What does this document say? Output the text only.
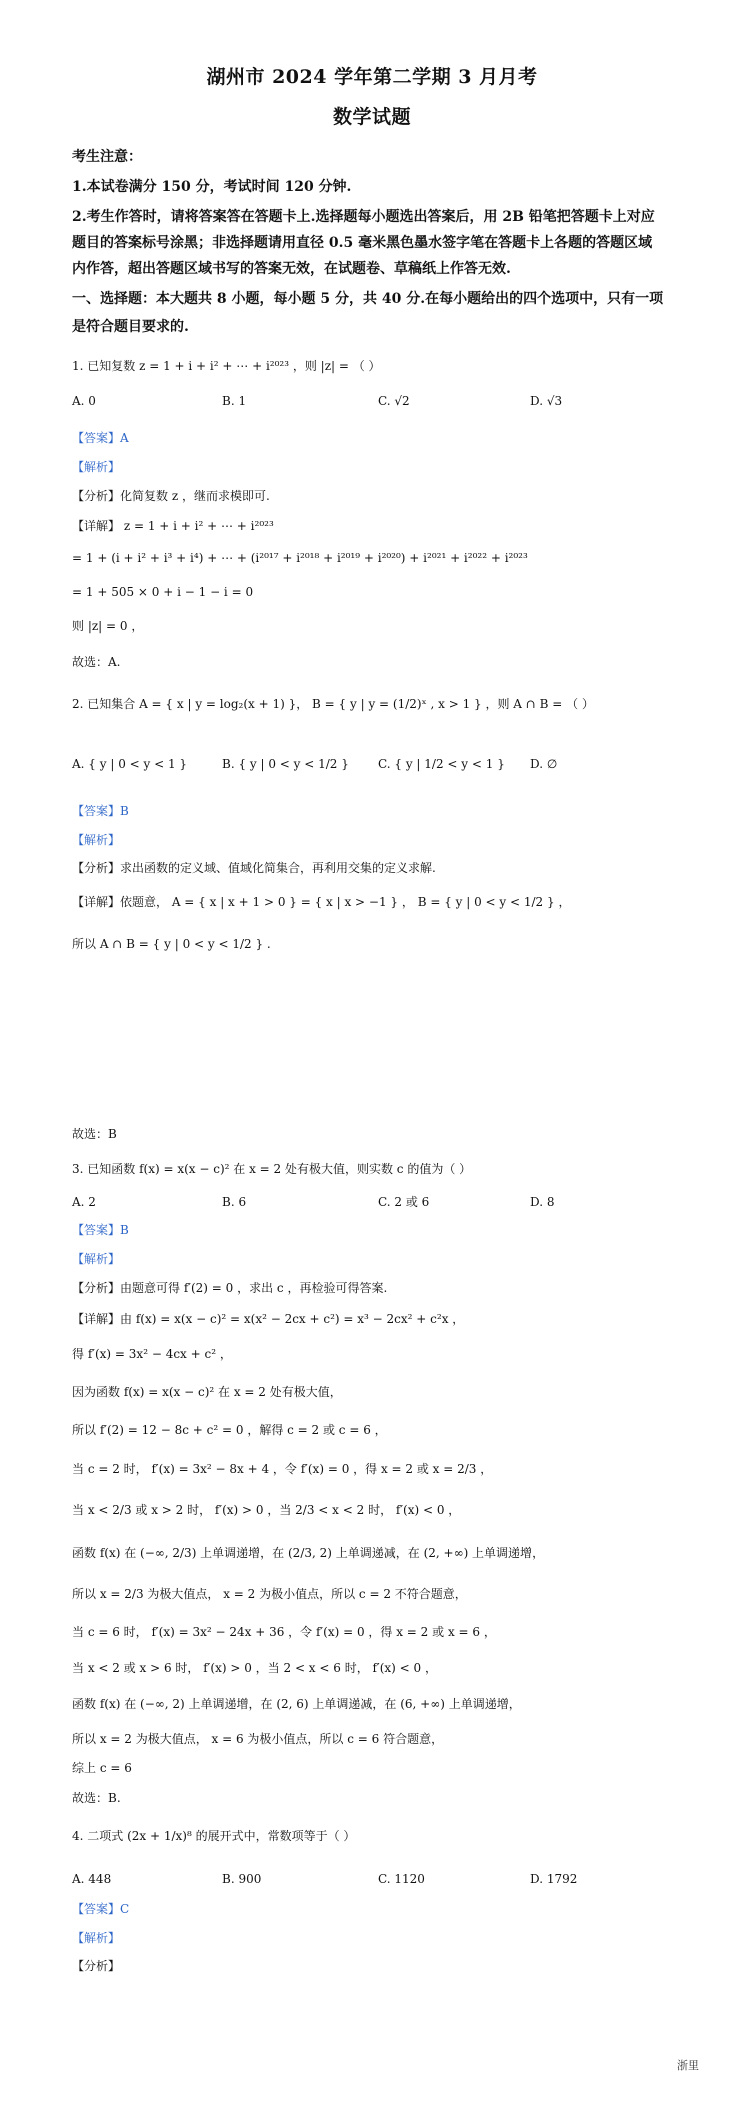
湖州市 2024 学年第二学期 3 月月考
数学试题
考生注意：
1.本试卷满分 150 分，考试时间 120 分钟.
2.考生作答时，请将答案答在答题卡上.选择题每小题选出答案后，用 2B 铅笔把答题卡上对应
题目的答案标号涂黑；非选择题请用直径 0.5 毫米黑色墨水签字笔在答题卡上各题的答题区域
内作答，超出答题区域书写的答案无效，在试题卷、草稿纸上作答无效.
一、选择题：本大题共 8 小题，每小题 5 分，共 40 分.在每小题给出的四个选项中，只有一项
是符合题目要求的.
1. 已知复数 z = 1 + i + i² + ⋯ + i²⁰²³ ，则 |z| = （ ）
A. 0	B. 1	C. √2	D. √3
【答案】A
【解析】
【分析】化简复数 z ，继而求模即可.
【详解】 z = 1 + i + i² + ⋯ + i²⁰²³
= 1 + (i + i² + i³ + i⁴) + ⋯ + (i²⁰¹⁷ + i²⁰¹⁸ + i²⁰¹⁹ + i²⁰²⁰) + i²⁰²¹ + i²⁰²² + i²⁰²³
= 1 + 505 × 0 + i − 1 − i = 0
则 |z| = 0 ，
故选：A.
2. 已知集合 A = { x | y = log₂(x + 1) }， B = { y | y = (1/2)ˣ , x > 1 } ，则 A ∩ B = （ ）
A. { y | 0 < y < 1 }	B. { y | 0 < y < 1/2 } C. { y | 1/2 < y < 1 } D. ∅
【答案】B
【解析】
【分析】求出函数的定义域、值域化简集合，再利用交集的定义求解.
【详解】依题意， A = { x | x + 1 > 0 } = { x | x > −1 } ， B = { y | 0 < y < 1/2 } ，
所以 A ∩ B = { y | 0 < y < 1/2 } .
故选：B
3. 已知函数 f(x) = x(x − c)² 在 x = 2 处有极大值，则实数 c 的值为（ ）
A. 2	B. 6	C. 2 或 6	D. 8
【答案】B
【解析】
【分析】由题意可得 f′(2) = 0 ，求出 c ，再检验可得答案.
【详解】由 f(x) = x(x − c)² = x(x² − 2cx + c²) = x³ − 2cx² + c²x ，
得 f′(x) = 3x² − 4cx + c² ，
因为函数 f(x) = x(x − c)² 在 x = 2 处有极大值，
所以 f′(2) = 12 − 8c + c² = 0 ，解得 c = 2 或 c = 6 ，
当 c = 2 时， f′(x) = 3x² − 8x + 4 ，令 f′(x) = 0 ，得 x = 2 或 x = 2/3 ，
当 x < 2/3 或 x > 2 时， f′(x) > 0 ，当 2/3 < x < 2 时， f′(x) < 0 ，
函数 f(x) 在 (−∞, 2/3) 上单调递增，在 (2/3, 2) 上单调递减，在 (2, +∞) 上单调递增，
所以 x = 2/3 为极大值点， x = 2 为极小值点，所以 c = 2 不符合题意，
当 c = 6 时， f′(x) = 3x² − 24x + 36 ，令 f′(x) = 0 ，得 x = 2 或 x = 6 ，
当 x < 2 或 x > 6 时， f′(x) > 0 ，当 2 < x < 6 时， f′(x) < 0 ，
函数 f(x) 在 (−∞, 2) 上单调递增，在 (2, 6) 上单调递减，在 (6, +∞) 上单调递增，
所以 x = 2 为极大值点， x = 6 为极小值点，所以 c = 6 符合题意，
综上 c = 6
故选：B.
4. 二项式 (2x + 1/x)⁸ 的展开式中，常数项等于（ ）
A. 448	B. 900	C. 1120	D. 1792
【答案】C
【解析】
【分析】
浙里
